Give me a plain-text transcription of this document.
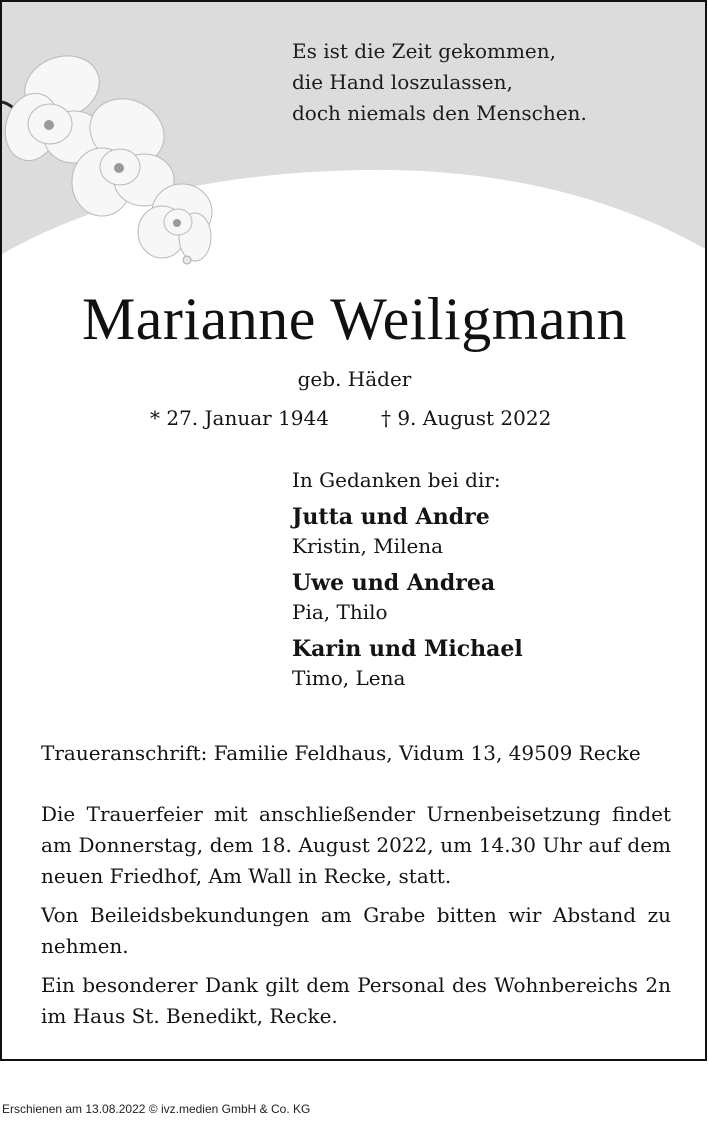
Es ist die Zeit gekommen,
die Hand loszulassen,
doch niemals den Menschen.
Marianne Weiligmann
geb. Häder
* 27. Januar 1944	† 9. August 2022
In Gedanken bei dir:
Jutta und Andre
Kristin, Milena
Uwe und Andrea
Pia, Thilo
Karin und Michael
Timo, Lena
Traueranschrift: Familie Feldhaus, Vidum 13, 49509 Recke

Die Trauerfeier mit anschließender Urnenbeisetzung findet am Donnerstag, dem 18. August 2022, um 14.30 Uhr auf dem neuen Friedhof, Am Wall in Recke, statt.

Von Beileidsbekundungen am Grabe bitten wir Abstand zu nehmen.

Ein besonderer Dank gilt dem Personal des Wohnbereichs 2n im Haus St. Benedikt, Recke.

Erschienen am 13.08.2022 © ivz.medien GmbH & Co. KG
